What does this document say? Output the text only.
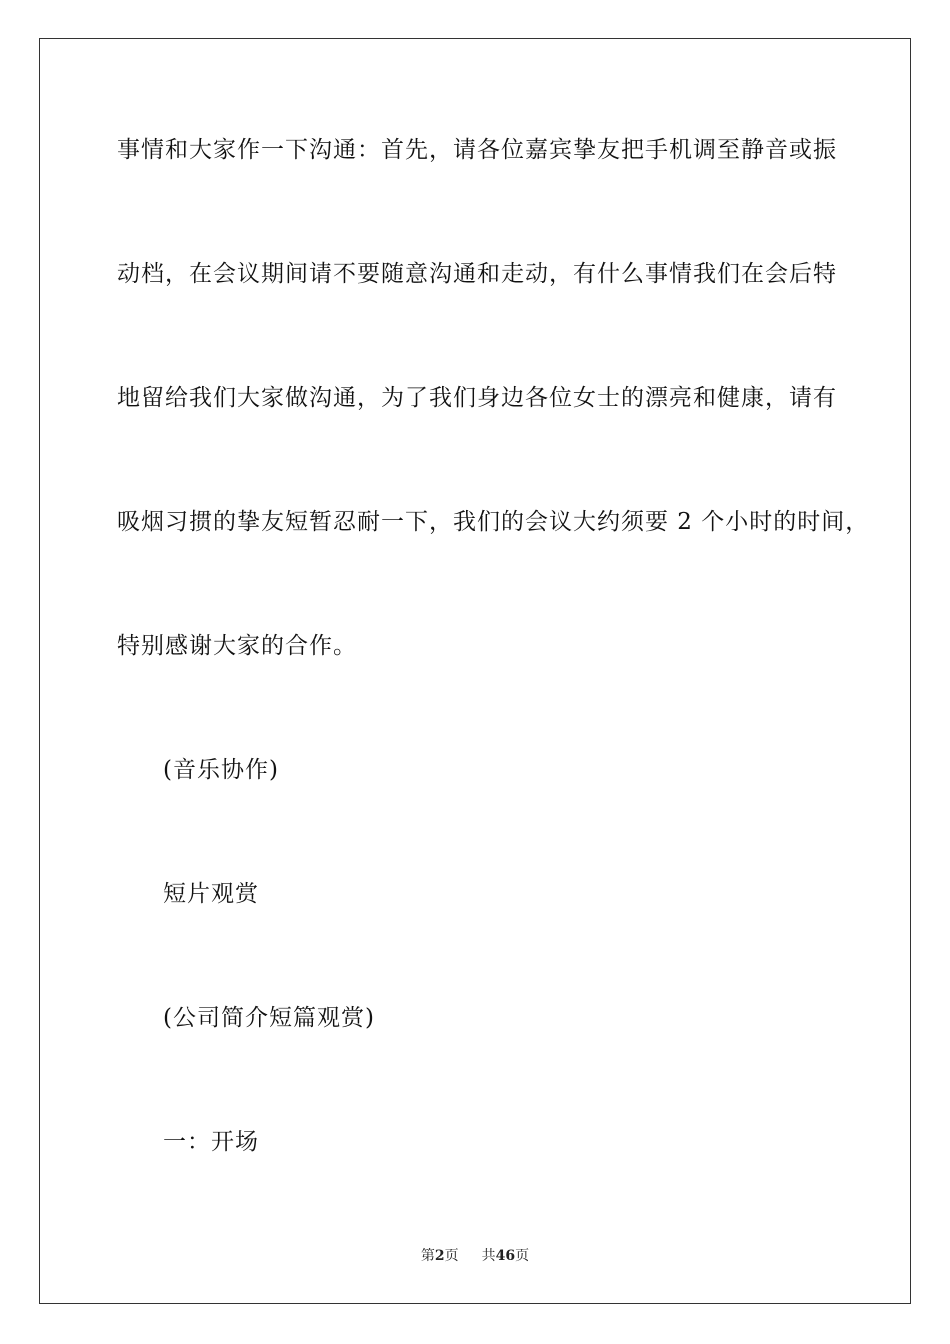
事情和大家作一下沟通：首先，请各位嘉宾挚友把手机调至静音或振
动档，在会议期间请不要随意沟通和走动，有什么事情我们在会后特
地留给我们大家做沟通，为了我们身边各位女士的漂亮和健康，请有
吸烟习掼的挚友短暂忍耐一下，我们的会议大约须要 2 个小时的时间，
特别感谢大家的合作。
(音乐协作)
短片观赏
(公司简介短篇观赏)
一：开场
第2页 共46页
